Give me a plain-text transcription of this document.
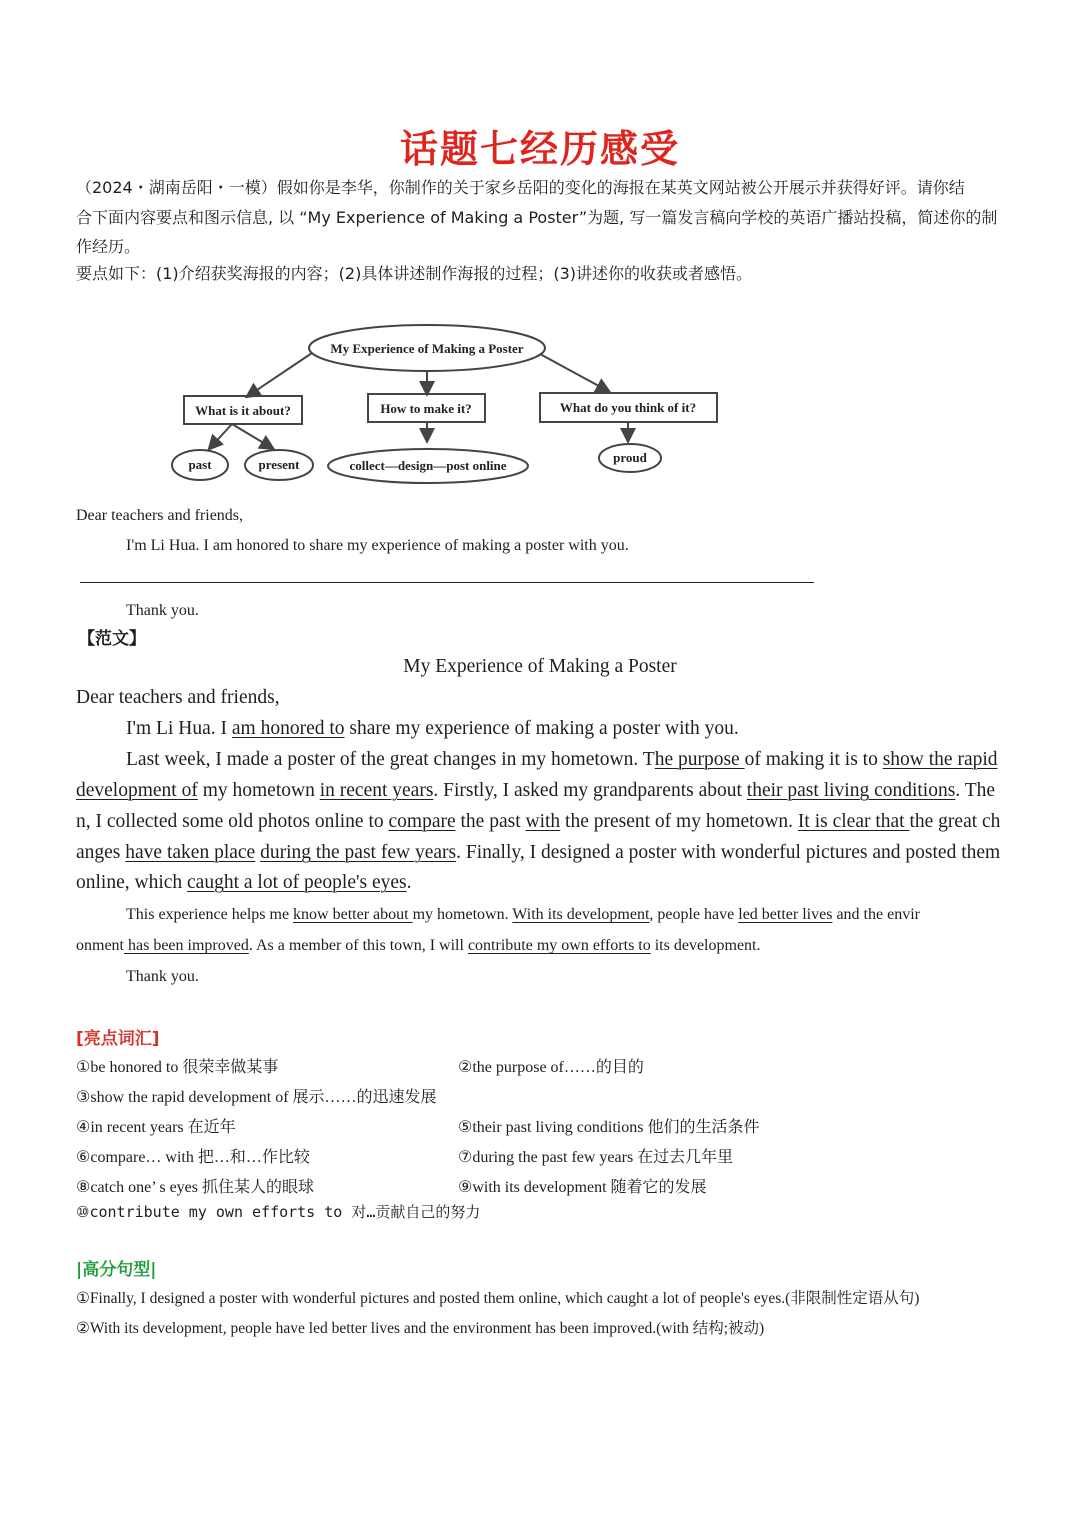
话题七经历感受
（2024・湖南岳阳・一模）假如你是李华，你制作的关于家乡岳阳的变化的海报在某英文网站被公开展示并获得好评。请你结
合下面内容要点和图示信息, 以 “My Experience of Making a Poster”为题, 写一篇发言稿向学校的英语广播站投稿，简述你的制
作经历。
要点如下：(1)介绍获奖海报的内容；(2)具体讲述制作海报的过程；(3)讲述你的收获或者感悟。
My Experience of Making a Poster
What is it about?	How to make it?	What do you think of it?
past	present	collect—design—post online
proud
Dear teachers and friends,
I'm Li Hua. I am honored to share my experience of making a poster with you.
Thank you.
【范文】
My Experience of Making a Poster
Dear teachers and friends,
I'm Li Hua. I am honored to share my experience of making a poster with you.
Last week, I made a poster of the great changes in my hometown. The purpose of making it is to show the rapid
development of my hometown in recent years. Firstly, I asked my grandparents about their past living conditions. The
n, I collected some old photos online to compare the past with the present of my hometown. It is clear that the great ch
anges have taken place during the past few years. Finally, I designed a poster with wonderful pictures and posted them
online, which caught a lot of people's eyes.
This experience helps me know better about my hometown. With its development, people have led better lives and the envir
onment has been improved. As a member of this town, I will contribute my own efforts to its development.
Thank you.
[亮点词汇]
①be honored to 很荣幸做某事	②the purpose of……的目的
③show the rapid development of 展示……的迅速发展
④in recent years 在近年	⑤their past living conditions 他们的生活条件
⑥compare… with 把…和…作比较	⑦during the past few years 在过去几年里
⑧catch one’ s eyes 抓住某人的眼球	⑨with its development 随着它的发展
⑩contribute my own efforts to 对…贡献自己的努力
|高分句型|
①Finally, I designed a poster with wonderful pictures and posted them online, which caught a lot of people's eyes.(非限制性定语从句)
②With its development, people have led better lives and the environment has been improved.(with 结构;被动)
